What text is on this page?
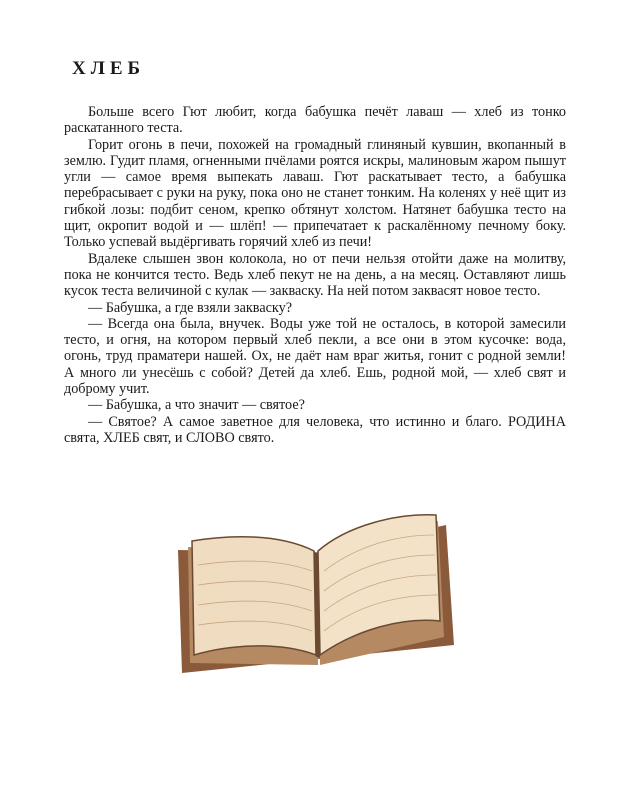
ХЛЕБ

Больше всего Гют любит, когда бабушка печёт лаваш — хлеб из тонко раскатанного теста.

Горит огонь в печи, похожей на громадный глиняный кувшин, вкопанный в землю. Гудит пламя, огненными пчёлами роятся искры, малиновым жаром пышут угли — самое время выпекать лаваш. Гют раскатывает тесто, а бабушка перебрасывает с руки на руку, пока оно не станет тонким. На коленях у неё щит из гибкой лозы: подбит сеном, крепко обтянут холстом. Натянет бабушка тесто на щит, окропит водой и — шлёп! — припечатает к раскалённому печному боку. Только успевай выдёргивать горячий хлеб из печи!

Вдалеке слышен звон колокола, но от печи нельзя отойти даже на молитву, пока не кончится тесто. Ведь хлеб пекут не на день, а на месяц. Оставляют лишь кусок теста величиной с кулак — закваску. На ней потом заквасят новое тесто.

— Бабушка, а где взяли закваску?

— Всегда она была, внучек. Воды уже той не осталось, в которой замесили тесто, и огня, на котором первый хлеб пекли, а все они в этом кусочке: вода, огонь, труд праматери нашей. Ох, не даёт нам враг житья, гонит с родной земли! А много ли унесёшь с собой? Детей да хлеб. Ешь, родной мой, — хлеб свят и доброму учит.

— Бабушка, а что значит — святое?

— Святое? А самое заветное для человека, что истинно и благо. РОДИНА свята, ХЛЕБ свят, и СЛОВО свято.
